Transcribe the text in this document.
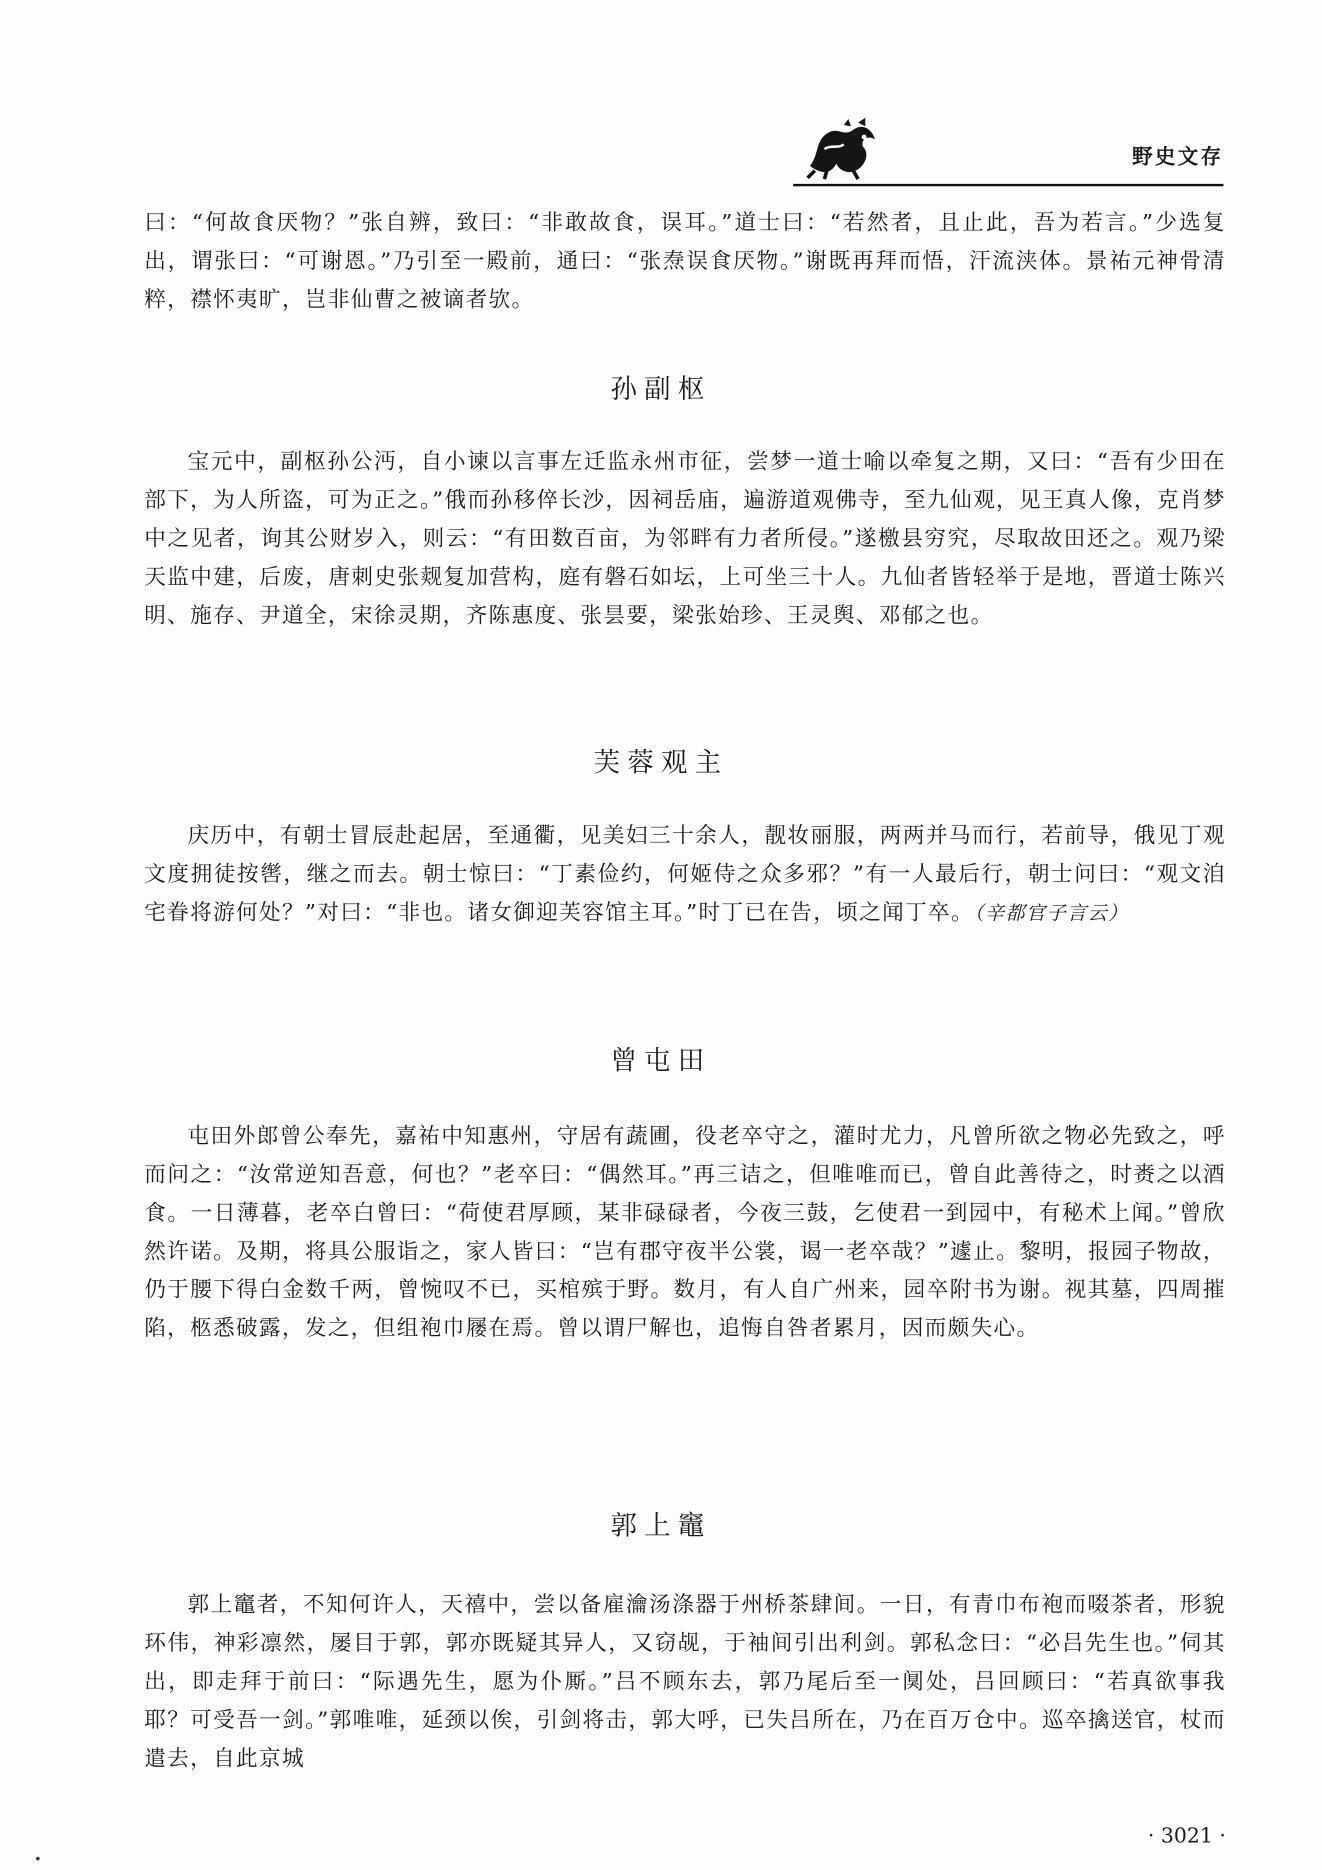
野史文存

曰：“何故食厌物？”张自辨，致曰：“非敢故食，误耳。”道士曰：“若然者，且止此，吾为若言。”少选复出，谓张曰：“可谢恩。”乃引至一殿前，通曰：“张焘误食厌物。”谢既再拜而悟，汗流浃体。景祐元神骨清粹，襟怀夷旷，岂非仙曹之被谪者欤。

孙副枢

宝元中，副枢孙公沔，自小谏以言事左迁监永州市征，尝梦一道士喻以牵复之期，又曰：“吾有少田在部下，为人所盗，可为正之。”俄而孙移倅长沙，因祠岳庙，遍游道观佛寺，至九仙观，见王真人像，克肖梦中之见者，询其公财岁入，则云：“有田数百亩，为邻畔有力者所侵。”遂檄县穷究，尽取故田还之。观乃梁天监中建，后废，唐刺史张觌复加营构，庭有磐石如坛，上可坐三十人。九仙者皆轻举于是地，晋道士陈兴明、施存、尹道全，宋徐灵期，齐陈惠度、张昙要，梁张始珍、王灵舆、邓郁之也。

芙蓉观主

庆历中，有朝士冒辰赴起居，至通衢，见美妇三十余人，靓妆丽服，两两并马而行，若前导，俄见丁观文度拥徒按辔，继之而去。朝士惊曰：“丁素俭约，何姬侍之众多邪？”有一人最后行，朝士问曰：“观文洎宅眷将游何处？”对曰：“非也。诸女御迎芙容馆主耳。”时丁已在告，顷之闻丁卒。（辛都官子言云）

曾屯田

屯田外郎曾公奉先，嘉祐中知惠州，守居有蔬圃，役老卒守之，灌时尤力，凡曾所欲之物必先致之，呼而问之：“汝常逆知吾意，何也？”老卒曰：“偶然耳。”再三诘之，但唯唯而已，曾自此善待之，时赉之以酒食。一日薄暮，老卒白曾曰：“荷使君厚顾，某非碌碌者，今夜三鼓，乞使君一到园中，有秘术上闻。”曾欣然许诺。及期，将具公服诣之，家人皆曰：“岂有郡守夜半公裳，谒一老卒哉？”遽止。黎明，报园子物故，仍于腰下得白金数千两，曾惋叹不已，买棺殡于野。数月，有人自广州来，园卒附书为谢。视其墓，四周摧陷，柩悉破露，发之，但组袍巾屦在焉。曾以谓尸解也，追悔自咎者累月，因而颇失心。

郭上竈

郭上竈者，不知何许人，天禧中，尝以备雇瀹汤涤器于州桥茶肆间。一日，有青巾布袍而啜茶者，形貌环伟，神彩凛然，屡目于郭，郭亦既疑其异人，又窃觇，于袖间引出利剑。郭私念曰：“必吕先生也。”伺其出，即走拜于前曰：“际遇先生，愿为仆厮。”吕不顾东去，郭乃尾后至一阒处，吕回顾曰：“若真欲事我耶？可受吾一剑。”郭唯唯，延颈以俟，引剑将击，郭大呼，已失吕所在，乃在百万仓中。巡卒擒送官，杖而遣去，自此京城

· 3021 ·
